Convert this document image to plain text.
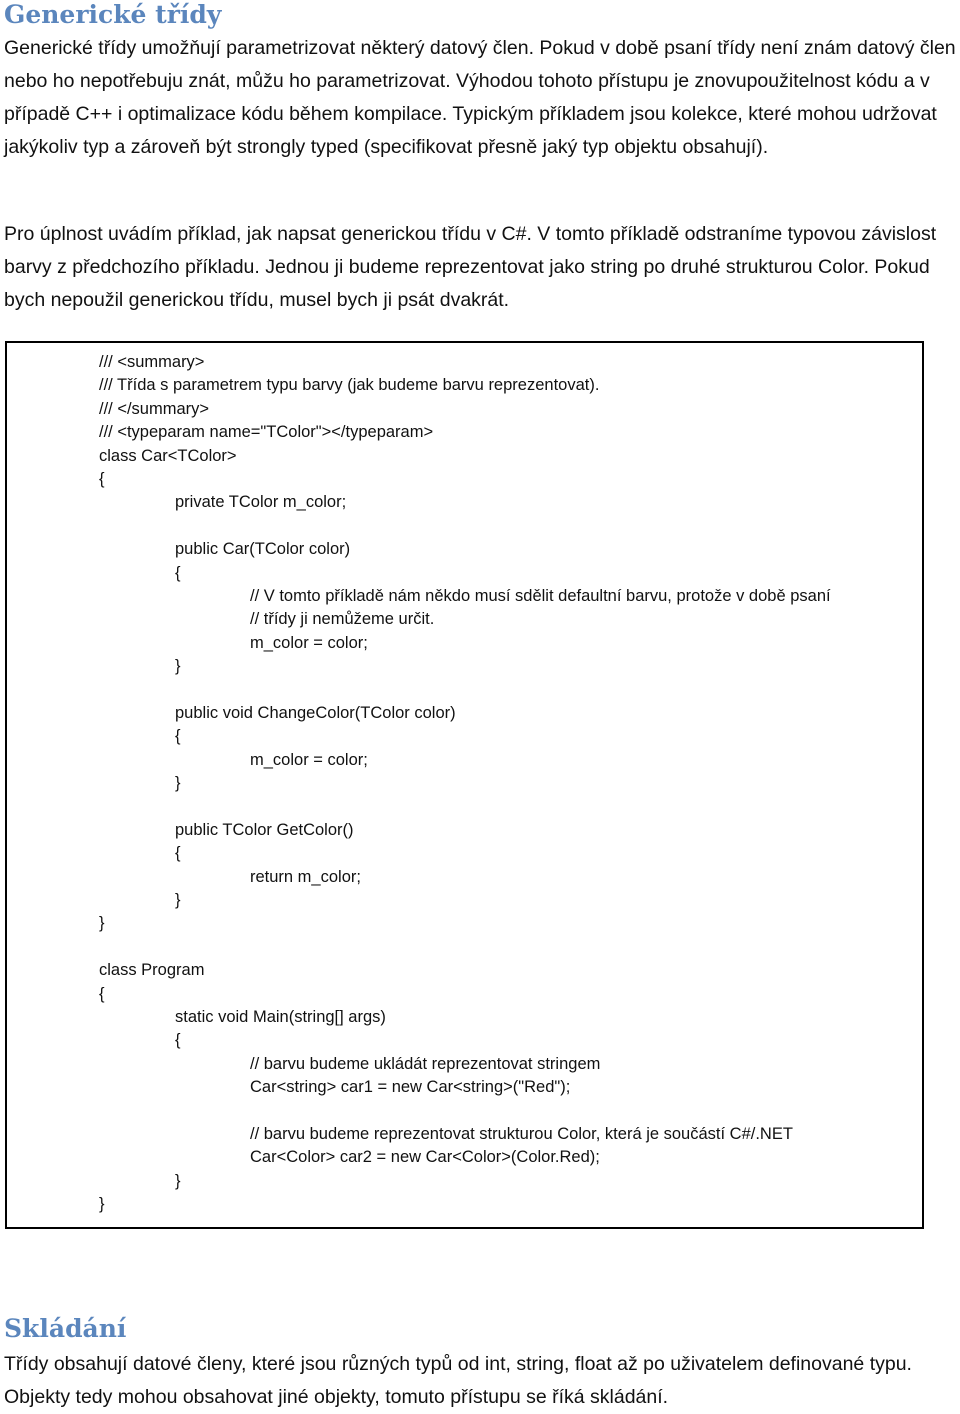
Generické třídy

Generické třídy umožňují parametrizovat některý datový člen. Pokud v době psaní třídy není znám datový člen nebo ho nepotřebuju znát, můžu ho parametrizovat. Výhodou tohoto přístupu je znovupoužitelnost kódu a v případě C++ i optimalizace kódu během kompilace. Typickým příkladem jsou kolekce, které mohou udržovat jakýkoliv typ a zároveň být strongly typed (specifikovat přesně jaký typ objektu obsahují).

Pro úplnost uvádím příklad, jak napsat generickou třídu v C#. V tomto příkladě odstraníme typovou závislost barvy z předchozího příkladu. Jednou ji budeme reprezentovat jako string po druhé strukturou Color. Pokud bych nepoužil generickou třídu, musel bych ji psát dvakrát.

/// <summary>
/// Třída s parametrem typu barvy (jak budeme barvu reprezentovat).
/// </summary>
/// <typeparam name="TColor"></typeparam>
class Car<TColor>
{
private TColor m_color;
public Car(TColor color)
{
// V tomto příkladě nám někdo musí sdělit defaultní barvu, protože v době psaní
// třídy ji nemůžeme určit.
m_color = color;
}
public void ChangeColor(TColor color)
{
m_color = color;
}
public TColor GetColor()
{
return m_color;
}
}
class Program
{
static void Main(string[] args)
{
// barvu budeme ukládát reprezentovat stringem
Car<string> car1 = new Car<string>("Red");
// barvu budeme reprezentovat strukturou Color, která je součástí C#/.NET
Car<Color> car2 = new Car<Color>(Color.Red);
}
}
Skládání

Třídy obsahují datové členy, které jsou různých typů od int, string, float až po uživatelem definované typu. Objekty tedy mohou obsahovat jiné objekty, tomuto přístupu se říká skládání.
